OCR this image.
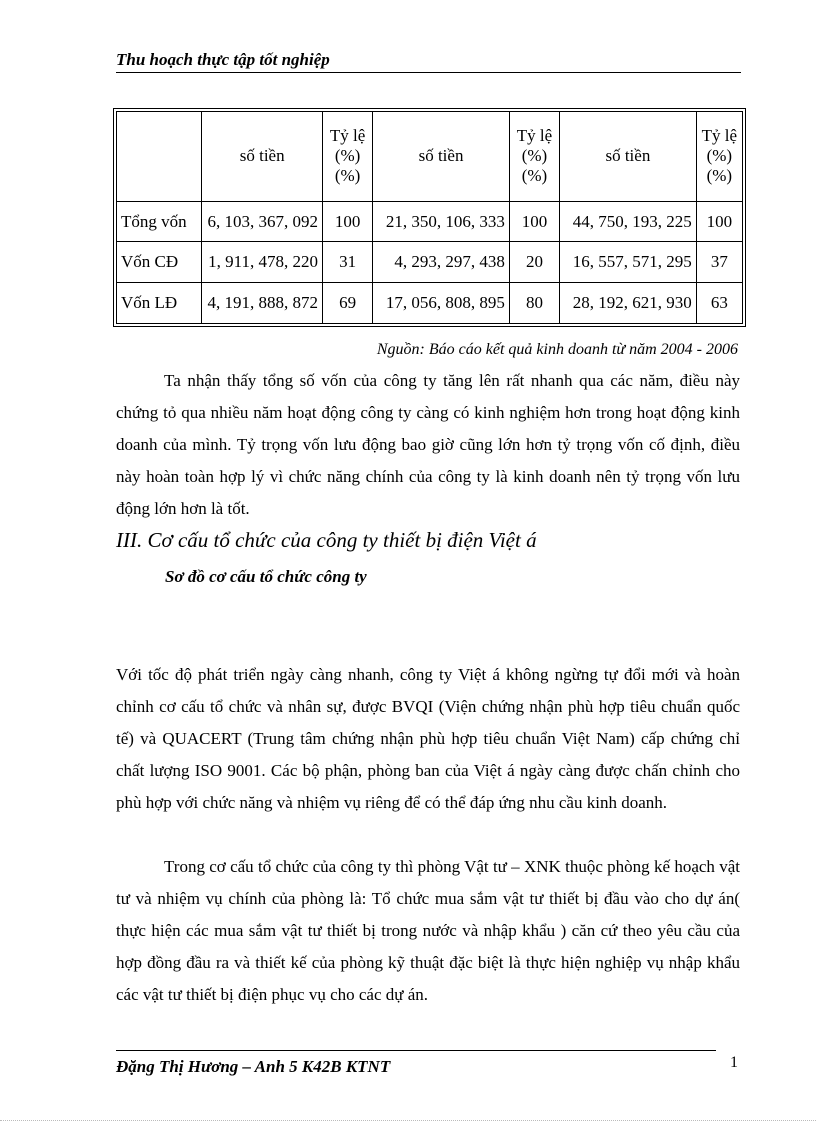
Thu hoạch thực tập tốt nghiệp
	số tiền	Tỷ lệ (%) (%)	số tiền	Tỷ lệ (%) (%)	số tiền	Tỷ lệ (%) (%)
Tổng vốn	6, 103, 367, 092	100	21, 350, 106, 333	100	44, 750, 193, 225	100
Vốn CĐ	1, 911, 478, 220	31	4, 293, 297, 438	20	16, 557, 571, 295	37
Vốn LĐ	4, 191, 888, 872	69	17, 056, 808, 895	80	28, 192, 621, 930	63
Nguồn: Báo cáo kết quả kinh doanh từ năm 2004 - 2006

Ta nhận thấy tổng số vốn của công ty tăng lên rất nhanh qua các năm, điều này chứng tỏ qua nhiều năm hoạt động công ty càng có kinh nghiệm hơn trong hoạt động kinh doanh của mình. Tỷ trọng vốn lưu động bao giờ cũng lớn hơn tỷ trọng vốn cố định, điều này hoàn toàn hợp lý vì chức năng chính của công ty là kinh doanh nên tỷ trọng vốn lưu động lớn hơn là tốt.

III. Cơ cấu tổ chức của công ty thiết bị điện Việt á
Sơ đồ cơ cấu tổ chức công ty

Với tốc độ phát triển ngày càng nhanh, công ty Việt á không ngừng tự đổi mới và hoàn chỉnh cơ cấu tổ chức và nhân sự, được BVQI (Viện chứng nhận phù hợp tiêu chuẩn quốc tế) và QUACERT (Trung tâm chứng nhận phù hợp tiêu chuẩn Việt Nam) cấp chứng chỉ chất lượng ISO 9001. Các bộ phận, phòng ban của Việt á ngày càng được chấn chỉnh cho phù hợp với chức năng và nhiệm vụ riêng để có thể đáp ứng nhu cầu kinh doanh.

Trong cơ cấu tổ chức của công ty thì phòng Vật tư – XNK thuộc phòng kế hoạch vật tư và nhiệm vụ chính của phòng là: Tổ chức mua sắm vật tư thiết bị đầu vào cho dự án( thực hiện các mua sắm vật tư thiết bị trong nước và nhập khẩu ) căn cứ theo yêu cầu của hợp đồng đầu ra và thiết kế của phòng kỹ thuật đặc biệt là thực hiện nghiệp vụ nhập khẩu các vật tư thiết bị điện phục vụ cho các dự án.

Đặng Thị Hương – Anh 5 K42B KTNT	1
